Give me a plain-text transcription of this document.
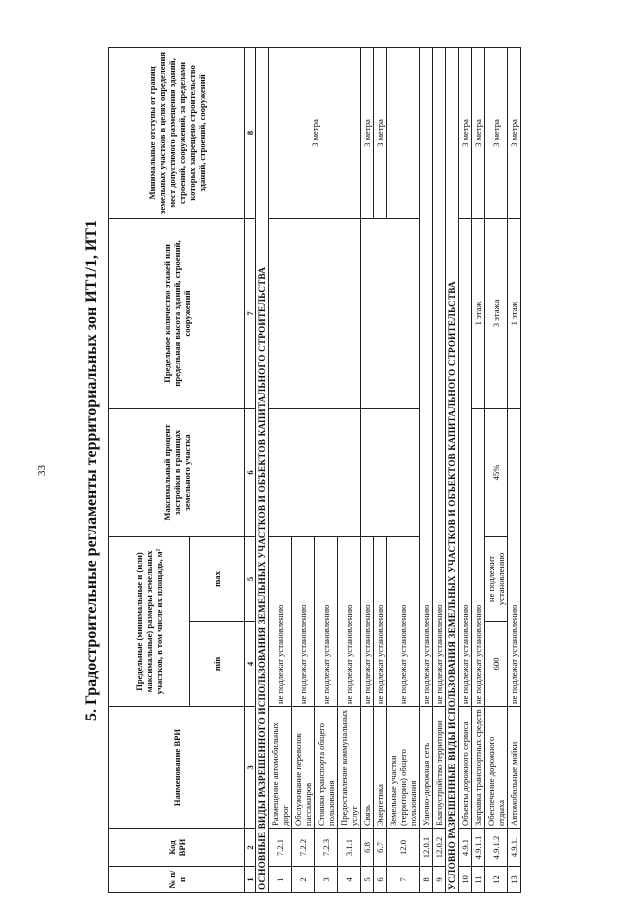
33 5. Градостроительные регламенты территориальных зон ИТ1/1, ИТ1
№ п/п	Код ВРИ	Наименование ВРИ	Предельные (минимальные и (или) максимальные) размеры земельных участков, в том числе их площадь, м²		Максимальный процент застройки в границах земельного участка	Предельное количество этажей или предельная высота зданий, строений, сооружений	Минимальные отступы от границ земельных участков в целях определения мест допустимого размещения зданий, строений, сооружений, за пределами которых запрещено строительство зданий, строений, сооружений
			min	max			
1	2	3	4	5	6	7	8
ОСНОВНЫЕ ВИДЫ РАЗРЕШЕННОГО ИСПОЛЬЗОВАНИЯ ЗЕМЕЛЬНЫХ УЧАСТКОВ И ОБЪЕКТОВ КАПИТАЛЬНОГО СТРОИТЕЛЬСТВА							
1	7.2.1	Размещение автомобильных дорог	не подлежат установлению				3 метра
2	7.2.2	Обслуживание перевозок пассажиров	не подлежат установлению				
3	7.2.3	Стоянки транспорта общего пользования	не подлежат установлению				
4	3.1.1	Предоставление коммунальных услуг	не подлежат установлению				
5	6.8	Связь	не подлежат установлению				3 метра
6	6.7	Энергетика	не подлежат установлению				3 метра
7	12.0	Земельные участки (территории) общего пользования	не подлежат установлению				
8	12.0.1	Улично-дорожная сеть	не подлежат установлению				
9	12.0.2	Благоустройство территории	не подлежат установлению				
УСЛОВНО РАЗРЕШЕННЫЕ ВИДЫ ИСПОЛЬЗОВАНИЯ ЗЕМЕЛЬНЫХ УЧАСТКОВ И ОБЪЕКТОВ КАПИТАЛЬНОГО СТРОИТЕЛЬСТВА							
10	4.9.1	Объекты дорожного сервиса	не подлежат установлению				3 метра
11	4.9.1.1	Заправка транспортных средств	не подлежат установлению			1 этаж	3 метра
12	4.9.1.2	Обеспечение дорожного отдыха	600	не подлежит установлению	45%	3 этажа	3 метра
13	4.9.1.	Автомобильные мойки	не подлежат установлению			1 этаж	3 метра
